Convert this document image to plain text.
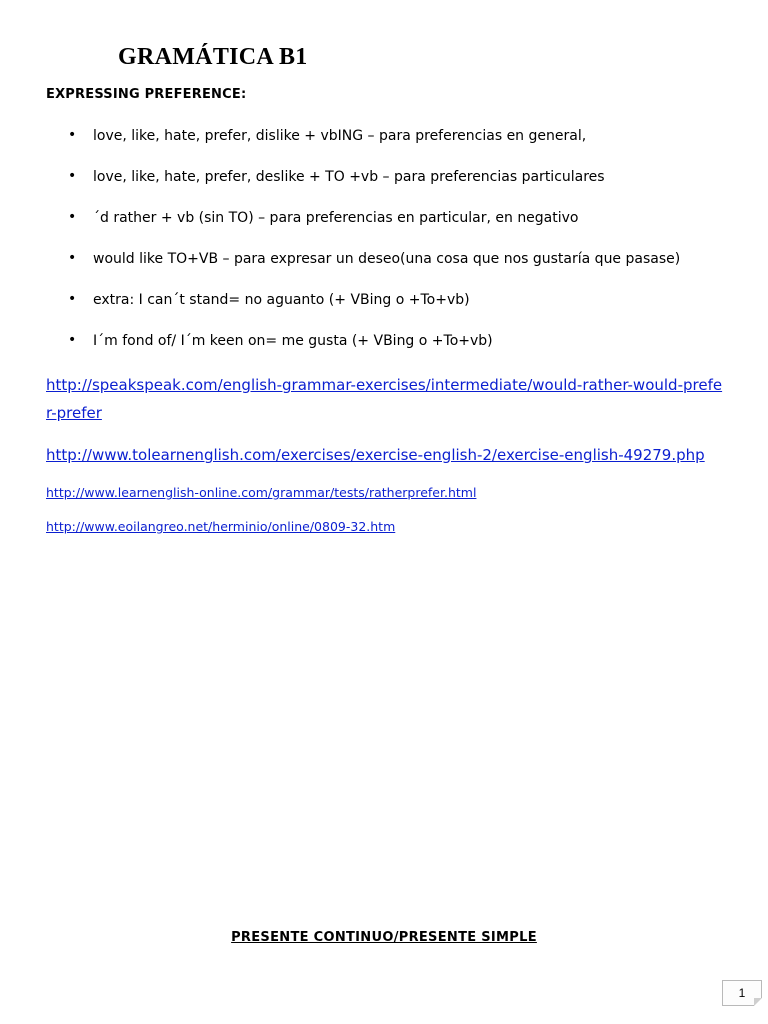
GRAMÁTICA B1
EXPRESSING PREFERENCE:
• love, like, hate, prefer, dislike + vbING – para preferencias en general,
• love, like, hate, prefer, deslike + TO +vb – para preferencias particulares
• ´d rather + vb (sin TO) – para preferencias en particular, en negativo
• would like TO+VB – para expresar un deseo(una cosa que nos gustaría que pasase)
• extra: I can´t stand= no aguanto (+ VBing o +To+vb)
• I´m fond of/ I´m keen on= me gusta (+ VBing o +To+vb)
http://speakspeak.com/english-grammar-exercises/intermediate/would-rather-would-prefer-prefer
http://www.tolearnenglish.com/exercises/exercise-english-2/exercise-english-49279.php
http://www.learnenglish-online.com/grammar/tests/ratherprefer.html
http://www.eoilangreo.net/herminio/online/0809-32.htm
PRESENTE CONTINUO/PRESENTE SIMPLE
1
